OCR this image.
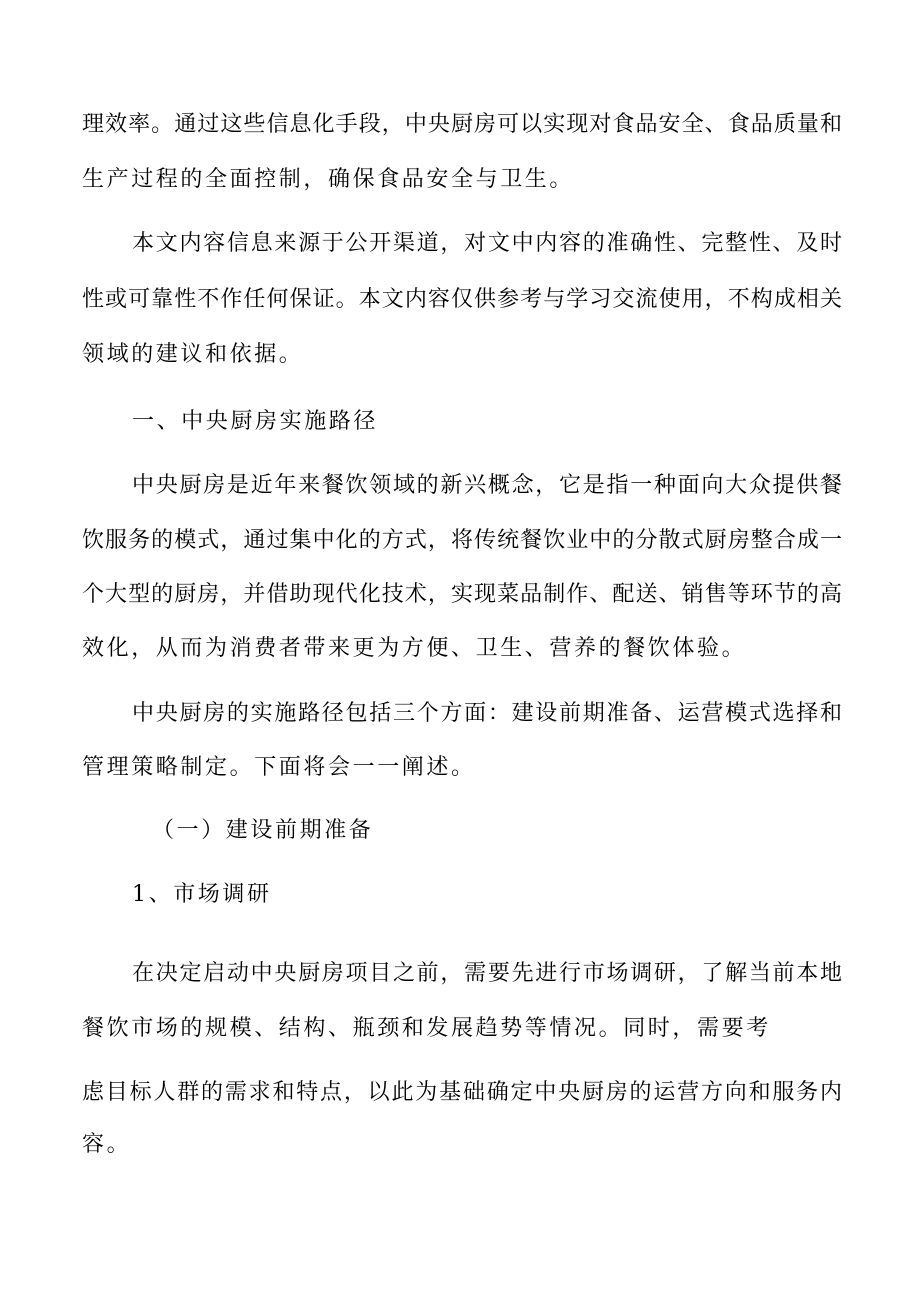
理效率。通过这些信息化手段，中央厨房可以实现对食品安全、食品质量和
生产过程的全面控制，确保食品安全与卫生。
本文内容信息来源于公开渠道，对文中内容的准确性、完整性、及时
性或可靠性不作任何保证。本文内容仅供参考与学习交流使用，不构成相关
领域的建议和依据。
一、中央厨房实施路径
中央厨房是近年来餐饮领域的新兴概念，它是指一种面向大众提供餐
饮服务的模式，通过集中化的方式，将传统餐饮业中的分散式厨房整合成一
个大型的厨房，并借助现代化技术，实现菜品制作、配送、销售等环节的高
效化，从而为消费者带来更为方便、卫生、营养的餐饮体验。
中央厨房的实施路径包括三个方面：建设前期准备、运营模式选择和
管理策略制定。下面将会一一阐述。
（一）建设前期准备
1、市场调研
在决定启动中央厨房项目之前，需要先进行市场调研，了解当前本地
餐饮市场的规模、结构、瓶颈和发展趋势等情况。同时，需要考
虑目标人群的需求和特点，以此为基础确定中央厨房的运营方向和服务内
容。
